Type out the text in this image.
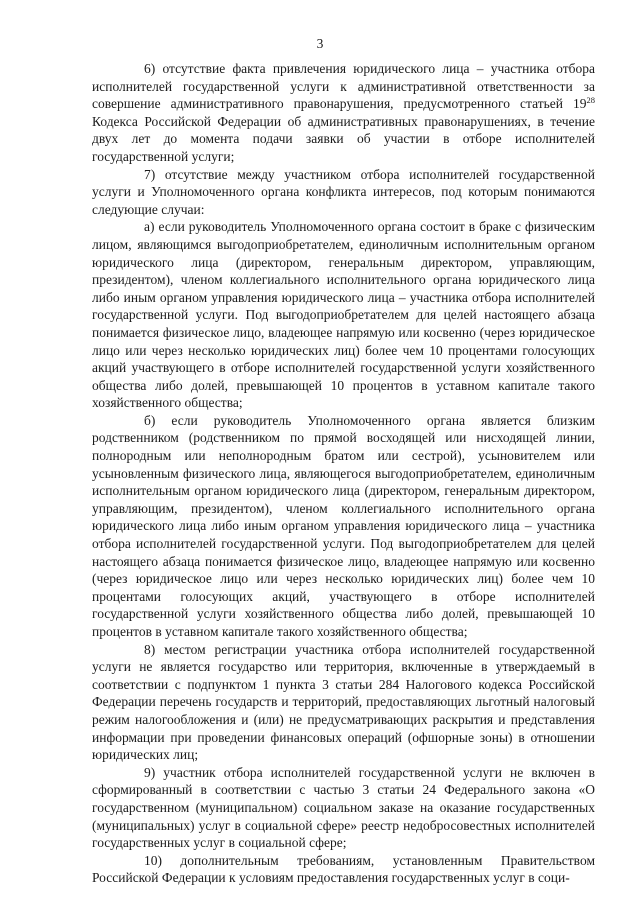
3

6) отсутствие факта привлечения юридического лица – участника отбора исполнителей государственной услуги к административной ответственности за совершение административного правонарушения, предусмотренного статьей $19^{28}$ Кодекса Российской Федерации об административных правонарушениях, в течение двух лет до момента подачи заявки об участии в отборе исполнителей государственной услуги;

7) отсутствие между участником отбора исполнителей государственной услуги и Уполномоченного органа конфликта интересов, под которым понимаются следующие случаи:

а) если руководитель Уполномоченного органа состоит в браке с физическим лицом, являющимся выгодоприобретателем, единоличным исполнительным органом юридического лица (директором, генеральным директором, управляющим, президентом), членом коллегиального исполнительного органа юридического лица либо иным органом управления юридического лица – участника отбора исполнителей государственной услуги. Под выгодоприобретателем для целей настоящего абзаца понимается физическое лицо, владеющее напрямую или косвенно (через юридическое лицо или через несколько юридических лиц) более чем 10 процентами голосующих акций участвующего в отборе исполнителей государственной услуги хозяйственного общества либо долей, превышающей 10 процентов в уставном капитале такого хозяйственного общества;

б) если руководитель Уполномоченного органа является близким родственником (родственником по прямой восходящей или нисходящей линии, полнородным или неполнородным братом или сестрой), усыновителем или усыновленным физического лица, являющегося выгодоприобретателем, единоличным исполнительным органом юридического лица (директором, генеральным директором, управляющим, президентом), членом коллегиального исполнительного органа юридического лица либо иным органом управления юридического лица – участника отбора исполнителей государственной услуги. Под выгодоприобретателем для целей настоящего абзаца понимается физическое лицо, владеющее напрямую или косвенно (через юридическое лицо или через несколько юридических лиц) более чем 10 процентами голосующих акций, участвующего в отборе исполнителей государственной услуги хозяйственного общества либо долей, превышающей 10 процентов в уставном капитале такого хозяйственного общества;

8) местом регистрации участника отбора исполнителей государственной услуги не является государство или территория, включенные в утверждаемый в соответствии с подпунктом 1 пункта 3 статьи 284 Налогового кодекса Российской Федерации перечень государств и территорий, предоставляющих льготный налоговый режим налогообложения и (или) не предусматривающих раскрытия и представления информации при проведении финансовых операций (офшорные зоны) в отношении юридических лиц;

9) участник отбора исполнителей государственной услуги не включен в сформированный в соответствии с частью 3 статьи 24 Федерального закона «О государственном (муниципальном) социальном заказе на оказание государственных (муниципальных) услуг в социальной сфере» реестр недобросовестных исполнителей государственных услуг в социальной сфере;

10) дополнительным требованиям, установленным Правительством Российской Федерации к условиям предоставления государственных услуг в соци-
